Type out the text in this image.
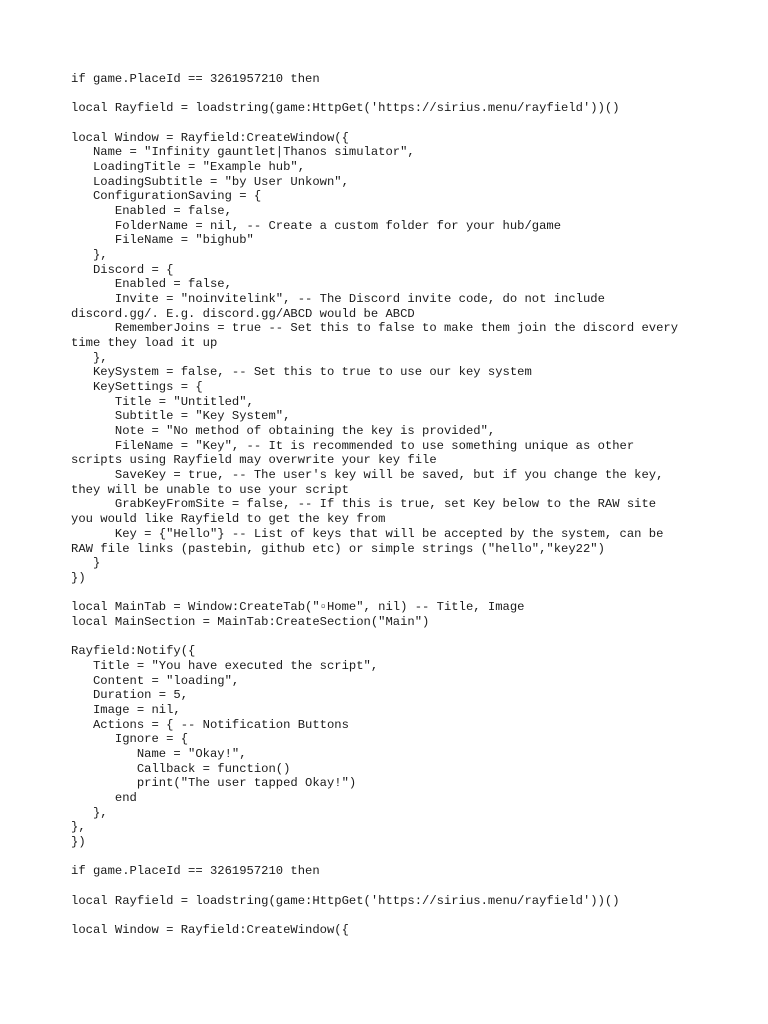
if game.PlaceId == 3261957210 then
local Rayfield = loadstring(game:HttpGet('https://sirius.menu/rayfield'))()
local Window = Rayfield:CreateWindow({
Name = "Infinity gauntlet|Thanos simulator",
LoadingTitle = "Example hub",
LoadingSubtitle = "by User Unkown",
ConfigurationSaving = {
Enabled = false,
FolderName = nil, -- Create a custom folder for your hub/game
FileName = "bighub"
},
Discord = {
Enabled = false,
Invite = "noinvitelink", -- The Discord invite code, do not include
discord.gg/. E.g. discord.gg/ABCD would be ABCD
RememberJoins = true -- Set this to false to make them join the discord every
time they load it up
},
KeySystem = false, -- Set this to true to use our key system
KeySettings = {
Title = "Untitled",
Subtitle = "Key System",
Note = "No method of obtaining the key is provided",
FileName = "Key", -- It is recommended to use something unique as other
scripts using Rayfield may overwrite your key file
SaveKey = true, -- The user's key will be saved, but if you change the key,
they will be unable to use your script
GrabKeyFromSite = false, -- If this is true, set Key below to the RAW site
you would like Rayfield to get the key from
Key = {"Hello"} -- List of keys that will be accepted by the system, can be
RAW file links (pastebin, github etc) or simple strings ("hello","key22")
}
})
local MainTab = Window:CreateTab("▫Home", nil) -- Title, Image
local MainSection = MainTab:CreateSection("Main")
Rayfield:Notify({
Title = "You have executed the script",
Content = "loading",
Duration = 5,
Image = nil,
Actions = { -- Notification Buttons
Ignore = {
Name = "Okay!",
Callback = function()
print("The user tapped Okay!")
end
},
},
})
if game.PlaceId == 3261957210 then
local Rayfield = loadstring(game:HttpGet('https://sirius.menu/rayfield'))()
local Window = Rayfield:CreateWindow({
